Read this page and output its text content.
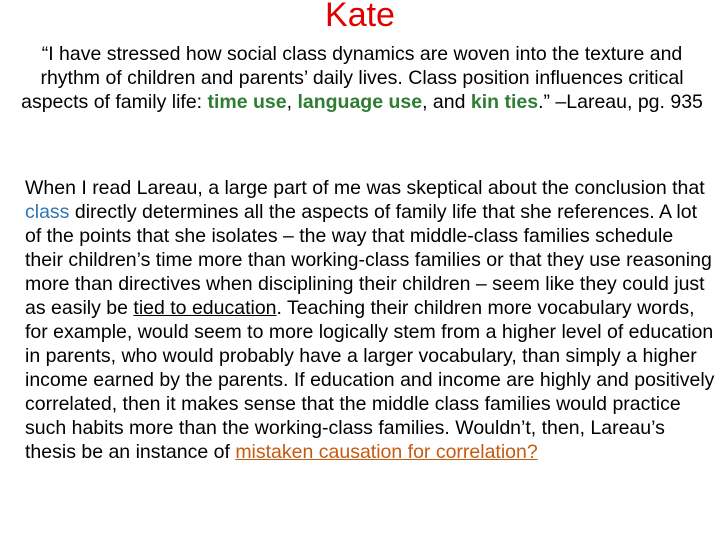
Kate

“I have stressed how social class dynamics are woven into the texture and rhythm of children and parents’ daily lives. Class position influences critical aspects of family life: time use, language use, and kin ties.” –Lareau, pg. 935

When I read Lareau, a large part of me was skeptical about the conclusion that class directly determines all the aspects of family life that she references. A lot of the points that she isolates – the way that middle-class families schedule their children’s time more than working-class families or that they use reasoning more than directives when disciplining their children – seem like they could just as easily be tied to education. Teaching their children more vocabulary words, for example, would seem to more logically stem from a higher level of education in parents, who would probably have a larger vocabulary, than simply a higher income earned by the parents. If education and income are highly and positively correlated, then it makes sense that the middle class families would practice such habits more than the working-class families. Wouldn’t, then, Lareau’s thesis be an instance of mistaken causation for correlation?
